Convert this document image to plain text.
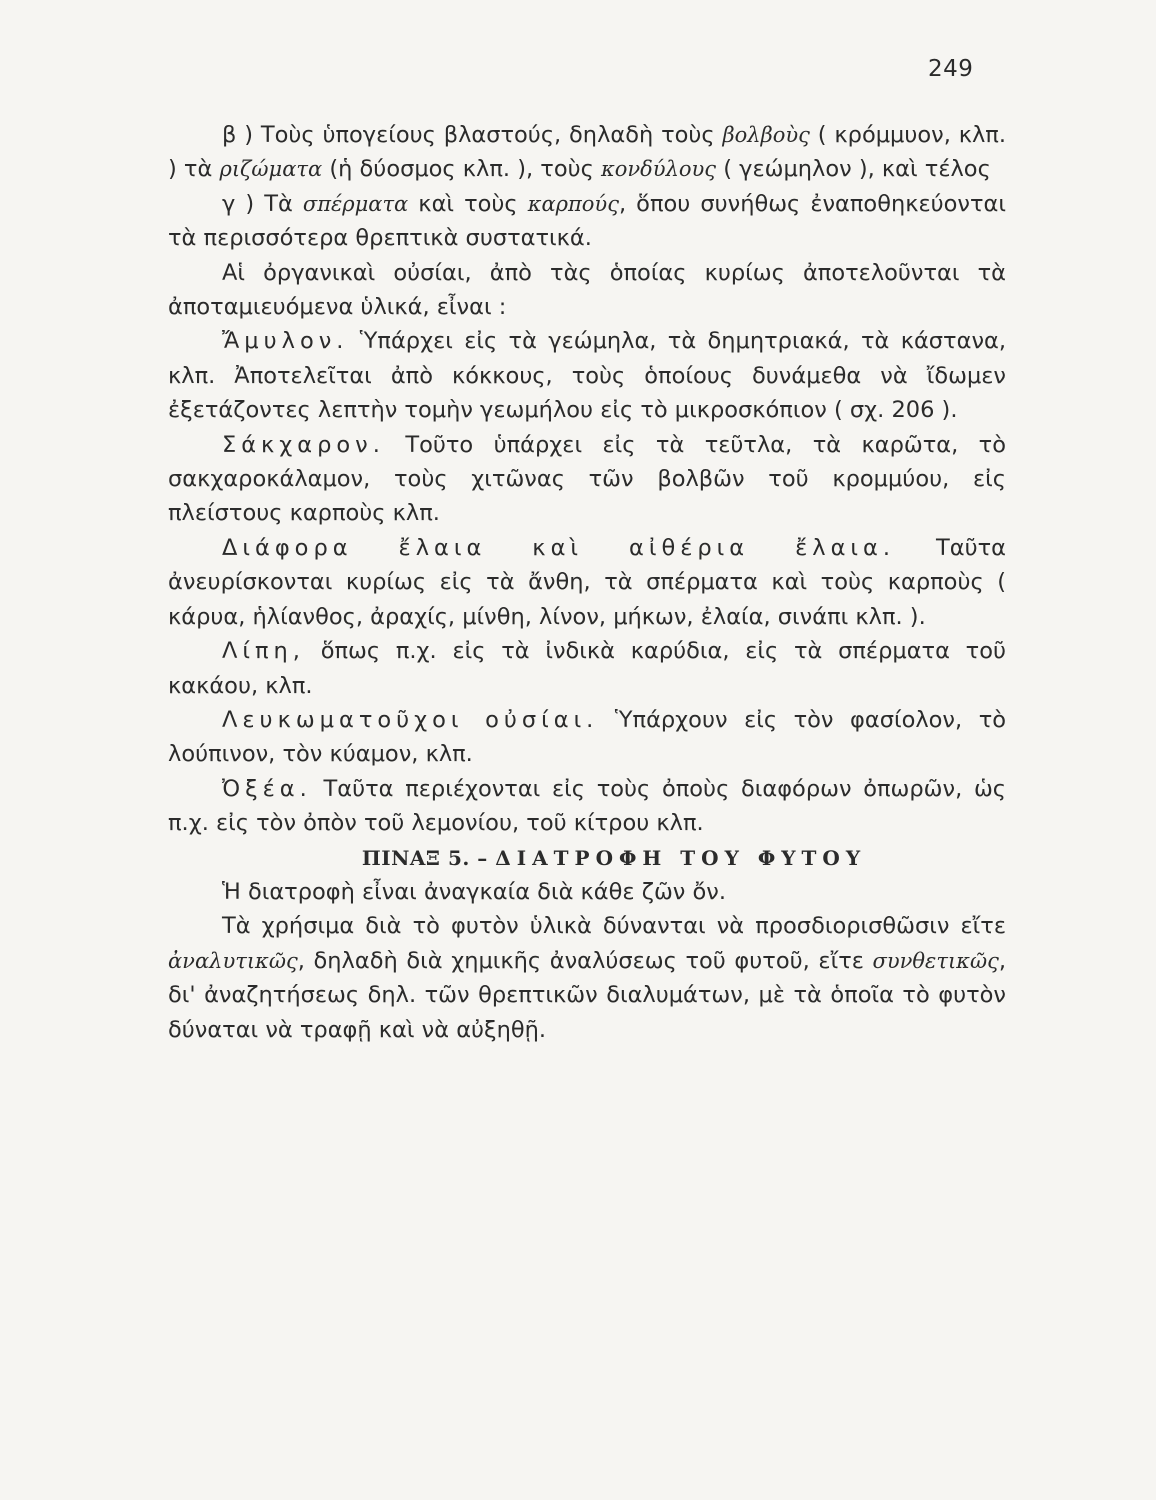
249

β ) Τοὺς ὑπογείους βλαστούς, δηλαδὴ τοὺς βολβοὺς ( κρόμμυον, κλπ. ) τὰ ριζώματα (ἡ δύοσμος κλπ. ), τοὺς κονδύλους ( γεώμηλον ), καὶ τέλος

γ ) Τὰ σπέρματα καὶ τοὺς καρπούς, ὅπου συνήθως ἐναποθηκεύονται τὰ περισσότερα θρεπτικὰ συστατικά.

Αἱ ὀργανικαὶ οὐσίαι, ἀπὸ τὰς ὁποίας κυρίως ἀποτελοῦνται τὰ ἀποταμιευόμενα ὑλικά, εἶναι :

Ἄμυλον. Ὑπάρχει εἰς τὰ γεώμηλα, τὰ δημητριακά, τὰ κάστανα, κλπ. Ἀποτελεῖται ἀπὸ κόκκους, τοὺς ὁποίους δυνάμεθα νὰ ἴδωμεν ἐξετάζοντες λεπτὴν τομὴν γεωμήλου εἰς τὸ μικροσκόπιον ( σχ. 206 ).

Σάκχαρον. Τοῦτο ὑπάρχει εἰς τὰ τεῦτλα, τὰ καρῶτα, τὸ σακχαροκάλαμον, τοὺς χιτῶνας τῶν βολβῶν τοῦ κρομμύου, εἰς πλείστους καρποὺς κλπ.

Διάφορα ἔλαια καὶ αἰθέρια ἔλαια. Ταῦτα ἀνευρίσκονται κυρίως εἰς τὰ ἄνθη, τὰ σπέρματα καὶ τοὺς καρποὺς ( κάρυα, ἡλίανθος, ἀραχίς, μίνθη, λίνον, μήκων, ἐλαία, σινάπι κλπ. ).

Λίπη, ὅπως π.χ. εἰς τὰ ἰνδικὰ καρύδια, εἰς τὰ σπέρματα τοῦ κακάου, κλπ.

Λευκωματοῦχοι οὐσίαι. Ὑπάρχουν εἰς τὸν φασίολον, τὸ λούπινον, τὸν κύαμον, κλπ.

Ὀξέα. Ταῦτα περιέχονται εἰς τοὺς ὀποὺς διαφόρων ὀπωρῶν, ὡς π.χ. εἰς τὸν ὀπὸν τοῦ λεμονίου, τοῦ κίτρου κλπ.

ΠΙΝΑΞ 5. – ΔΙΑΤΡΟΦΗ ΤΟΥ ΦΥΤΟΥ

Ἡ διατροφὴ εἶναι ἀναγκαία διὰ κάθε ζῶν ὄν.

Τὰ χρήσιμα διὰ τὸ φυτὸν ὑλικὰ δύνανται νὰ προσδιορισθῶσιν εἴτε ἀναλυτικῶς, δηλαδὴ διὰ χημικῆς ἀναλύσεως τοῦ φυτοῦ, εἴτε συνθετικῶς, δι' ἀναζητήσεως δηλ. τῶν θρεπτικῶν διαλυμάτων, μὲ τὰ ὁποῖα τὸ φυτὸν δύναται νὰ τραφῇ καὶ νὰ αὐξηθῇ.
